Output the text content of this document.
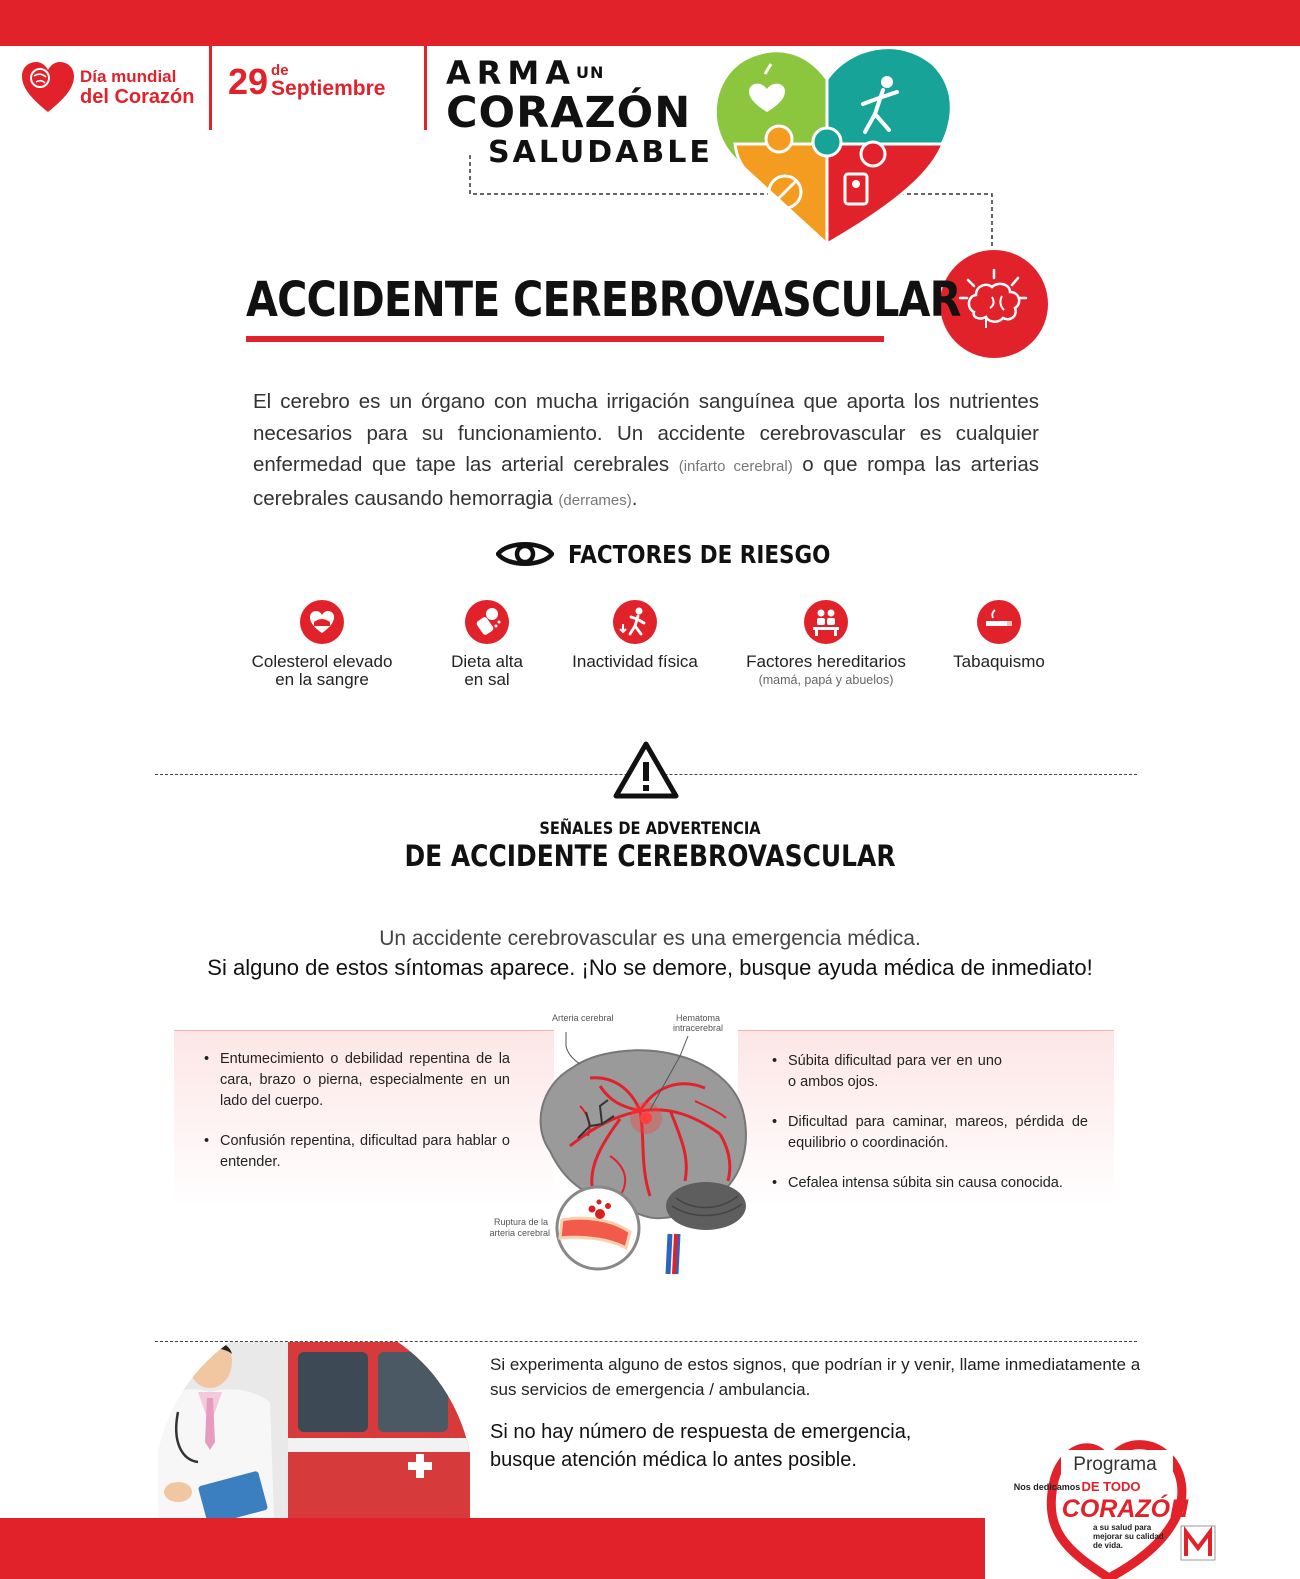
Día mundial
del Corazón 29 de
Septiembre $ARMA^{UN}$
CORAZÓN
SALUDABLE
ACCIDENTE CEREBROVASCULAR
El cerebro es un órgano con mucha irrigación sanguínea que aporta los nutrientes necesarios para su funcionamiento. Un accidente cerebrovascular es cualquier enfermedad que tape las arterial cerebrales (infarto cerebral) o que rompa las arterias cerebrales causando hemorragia (derrames).
FACTORES DE RIESGO
Colesterol elevado
en la sangre
Dieta alta
en sal
Inactividad física	Factores hereditarios
(mamá, papá y abuelos)
Tabaquismo
SEÑALES DE ADVERTENCIA
DE ACCIDENTE CEREBROVASCULAR
Un accidente cerebrovascular es una emergencia médica.
Si alguno de estos síntomas aparece. ¡No se demore, busque ayuda médica de inmediato!
• Entumecimiento o debilidad repentina de la cara, brazo o pierna, especialmente en un lado del cuerpo.
• Confusión repentina, dificultad para hablar o entender.
• Súbita dificultad para ver en uno o ambos ojos.
• Dificultad para caminar, mareos, pérdida de equilibrio o coordinación.
• Cefalea intensa súbita sin causa conocida.
Arteria cerebral	Hematoma
intracerebral
Ruptura de la
arteria cerebral
Si experimenta alguno de estos signos, que podrían ir y venir, llame inmediatamente a sus servicios de emergencia / ambulancia.
Si no hay número de respuesta de emergencia,
busque atención médica lo antes posible.	Programa
Nos dedicamos DE TODO
CORAZÓN
a su salud para
mejorar su calidad
de vida.
